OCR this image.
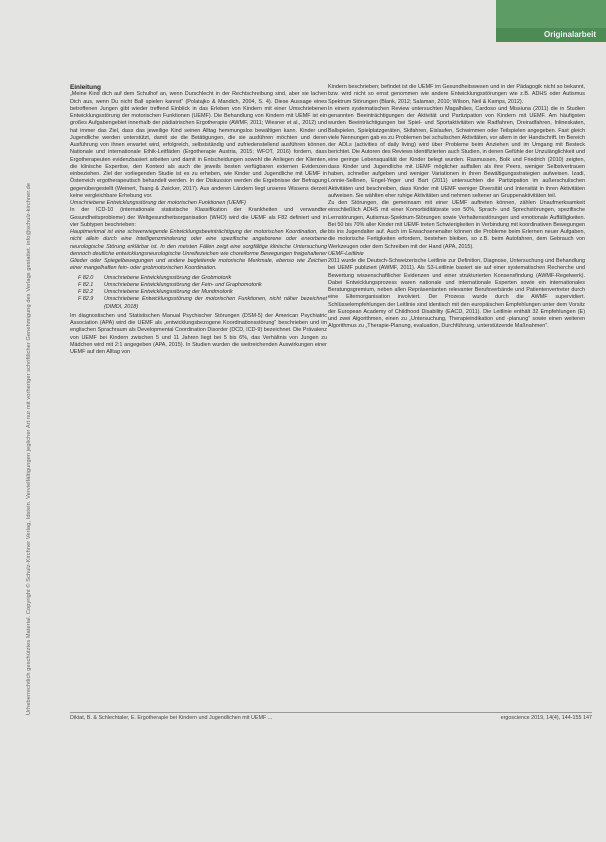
Urheberrechtlich geschütztes Material. Copyright © Schulz-Kirchner Verlag, Idstein. Vervielfältigungen jeglicher Art nur mit vorheriger schriftlicher Genehmigung des Verlags gestattet. info@schulz-kirchner.de
Originalarbeit

Einleitung

„Meine Kind dich auf dem Schulhof an, wenn Durschlecht in der Rechtschreibung sind, aber sie lachen Dich aus, wenn Du nicht Ball spielen kannst“ (Polatajko & Mandich, 2004, S. 4). Diese Aussage eines betroffenen Jungen gibt wieder treffend Einblick in das Erleben von Kindern mit einer Umschriebenen Entwicklungsstörung der motorischen Funktionen (UEMF). Die Behandlung von Kindern mit UEMF ist ein großes Aufgabengebiet innerhalb der pädiatrischen Ergotherapie (AWMF, 2011; Wiesner et al., 2012) und hat immer das Ziel, dass das jeweilige Kind seinen Alltag hemmungslos bewältigen kann. Kinder und Jugendliche werden unterstützt, damit sie die Betätigungen, die sie ausführen möchten und deren Ausführung von ihnen erwartet wird, erfolgreich, selbstständig und zufriedenstellend ausführen können. Nationale und internationale Ethik-Leitfäden (Ergotherapie Austria, 2015; WFOT, 2016) fordern, dass Ergotherapeuten evidenzbasiert arbeiten und damit in Entscheidungen sowohl die Anliegen der Klienten, die klinische Expertise, den Kontext als auch die jeweils besten verfügbaren externen Evidenzen einbeziehen. Ziel der vorliegenden Studie ist es zu erheben, wie Kinder und Jugendliche mit UEMF in Österreich ergotherapeutisch behandelt werden. In der Diskussion werden die Ergebnisse der Befragung gegenübergestellt (Weinert, Tsang & Zwicker, 2017). Aus anderen Ländern liegt unseres Wissens derzeit keine vergleichbare Erhebung vor.

Umschriebene Entwicklungsstörung der motorischen Funktionen (UEMF)

In der ICD-10 (internationale statistische Klassifikation der Krankheiten und verwandter Gesundheitsprobleme) der Weltgesundheitsorganisation (WHO) wird die UEMF als F82 definiert und in vier Subtypen beschrieben:

Hauptmerkmal ist eine schwerwiegende Entwicklungsbeeinträchtigung der motorischen Koordination, die nicht allein durch eine Intelligenzminderung oder eine spezifische angeborene oder erworbene neurologische Störung erklärbar ist. In den meisten Fällen zeigt eine sorgfältige klinische Untersuchung dennoch deutliche entwicklungsneurologische Unreifezeichen wie choreiforme Bewegungen freigehaltener Glieder oder Spiegelbewegungen und andere begleitende motorische Merkmale, ebenso wie Zeichen einer mangelhaften fein- oder grobmotorischen Koordination.

F 82.0	Umschriebene Entwicklungsstörung der Grobmotorik
F 82.1	Umschriebene Entwicklungsstörung der Fein- und Graphomotorik
F 82.2	Umschriebene Entwicklungsstörung der Mundmotorik
F 82.9	Umschriebene Entwicklungsstörung der motorischen Funktionen, nicht näher bezeichnet (DIMDI, 2018)

Im diagnostischen und Statistischen Manual Psychischer Störungen (DSM-5) der American Psychiatric Association (APA) wird die UEMF als „entwicklungsbezogene Koordinationsstörung“ beschrieben und im englischen Sprachraum als Developmental Coordination Disorder (DCD, ICD-9) bezeichnet. Die Prävalenz von UEMF bei Kindern zwischen 5 und 11 Jahren liegt bei 5 bis 6%, das Verhältnis von Jungen zu Mädchen wird mit 2:1 angegeben (APA, 2015). In Studien wurden die weitreichenden Auswirkungen einer UEMF auf den Alltag von

Kindern beschrieben; befindet ist die UEMF im Gesundheitswesen und in der Pädagogik nicht so bekannt, bzw. wird nicht so ernst genommen wie andere Entwicklungsstörungen wie z.B. ADHS oder Autismus Spektrum Störungen (Blank, 2012; Salaman, 2010; Wilson, Neil & Kamps, 2012).

In einem systematischen Review untersuchten Magalhães, Cardoso und Missiuna (2011) die in Studien genannten Beeinträchtigungen der Aktivität und Partizipation von Kindern mit UEMF. Am häufigsten wurden Beeinträchtigungen bei Spiel- und Sportaktivitäten wie Radfahren, Dreiradfahren, Inlineskaten, Ballspielen, Spielplatzgeräten, Skifahren, Eislaufen, Schwimmen oder Teilspielen angegeben. Fast gleich viele Nennungen gab es zu Problemen bei schulischen Aktivitäten, vor allem in der Handschrift. Im Bereich der ADLs (activities of daily living) wird über Probleme beim Anziehen und im Umgang mit Besteck berichtet. Die Autoren des Reviews identifizierten auch Studien, in denen Gefühle der Unzulänglichkeit und eine geringe Lebensqualität der Kinder belegt wurden. Rasmussen, Bolk und Friedrich (2010) zeigten, dass Kinder und Jugendliche mit UEMF möglicher auffallen als ihre Peers, weniger Selbstvertrauen haben, schneller aufgeben und weniger Variationen in ihren Bewältigungsstrategien aufweisen. Izadi, Lonnie-Sellinen, Engel-Yeger und Bart (2011) untersuchten die Partizipation im außerschulischen Aktivitäten und beschreiben, dass Kinder mit UEMF weniger Diversität und Intensität in ihren Aktivitäten aufweisen. Sie wählten eher ruhige Aktivitäten und nehmen seltener an Gruppenaktivitäten teil.

Zu den Störungen, die gemeinsam mit einer UEMF auftreten können, zählen Unaufmerksamkeit einschließlich ADHS mit einer Komorbiditätsrate von 50%, Sprach- und Sprechstörungen, spezifische Lernstörungen, Autismus-Spektrum-Störungen sowie Verhaltensstörungen und emotionale Auffälligkeiten. Bei 50 bis 70% aller Kinder mit UEMF treten Schwierigkeiten in Verbindung mit koordinativen Bewegungen bis ins Jugendalter auf. Auch im Erwachsenenalter können die Probleme beim Erlernen neuer Aufgaben, die motorische Fertigkeiten erfordern, bestehen bleiben, so z.B. beim Autofahren, dem Gebrauch von Werkzeugen oder dem Schreiben mit der Hand (APA, 2015).

UEMF-Leitlinie

2011 wurde die Deutsch-Schweizerische Leitlinie zur Definition, Diagnose, Untersuchung und Behandlung bei UEMF publiziert (AWMF, 2011). Als S3-Leitlinie basiert sie auf einer systematischen Recherche und Bewertung wissenschaftlicher Evidenzen und einer strukturierten Konsensfindung (AWMF-Regelwerk). Dabei Entwicklungsprozess waren nationale und internationale Experten sowie ein internationales Beratungsgremium, neben allen Repräsentanten relevanter Berufsverbände und Patientenvertreter durch eine Elternorganisation involviert. Der Prozess wurde durch die AWMF supervidiert. Schlüsselempfehlungen der Leitlinie sind identisch mit den europäischen Empfehlungen unter dem Vorsitz der European Academy of Childhood Disability (EACD, 2011). Die Leitlinie enthält 32 Empfehlungen (E) und zwei Algorithmen, einen zu „Untersuchung, Therapieindikation und -planung“ sowie einen weiteren Algorithmus zu „Therapie-Planung, evaluation, Durchführung, unterstützende Maßnahmen“.

Diktat, B. & Schlechtaler, E. Ergotherapie bei Kindern und Jugendlichen mit UEMF ...	ergoscience 2019, 14(4), 144-155 147
